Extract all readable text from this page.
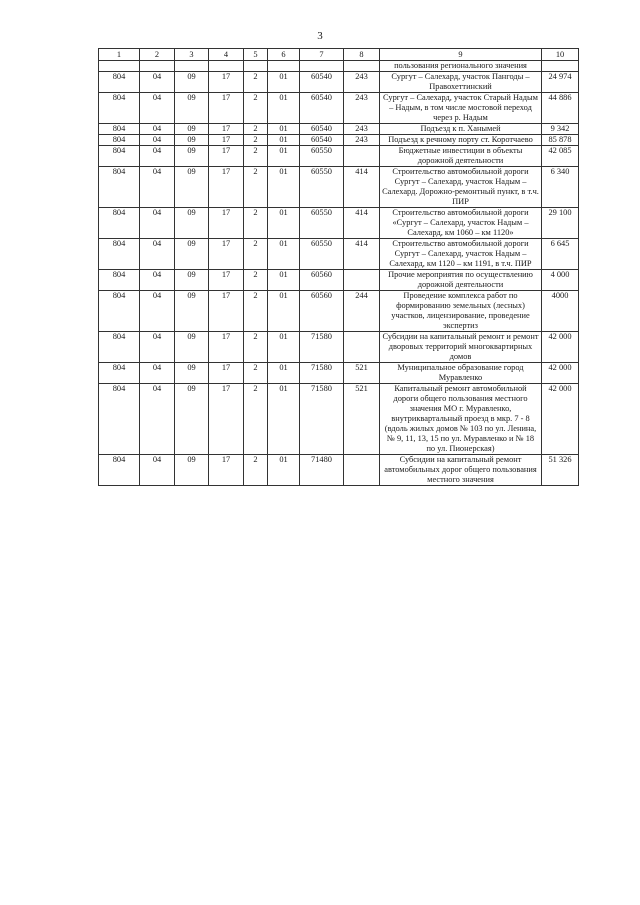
3
1	2	3	4	5	6	7	8	9	10
								пользования регионального значения	
804	04	09	17	2	01	60540	243	Сургут – Салехард, участок Пангоды – Правохеттинский	24 974
804	04	09	17	2	01	60540	243	Сургут – Салехард, участок Старый Надым – Надым, в том числе мостовой переход через р. Надым	44 886
804	04	09	17	2	01	60540	243	Подъезд к п. Ханымей	9 342
804	04	09	17	2	01	60540	243	Подъезд к речному порту ст. Коротчаево	85 878
804	04	09	17	2	01	60550		Бюджетные инвестиции в объекты дорожной деятельности	42 085
804	04	09	17	2	01	60550	414	Строительство автомобильной дороги Сургут – Салехард, участок Надым – Салехард. Дорожно-ремонтный пункт, в т.ч. ПИР	6 340
804	04	09	17	2	01	60550	414	Строительство автомобильной дороги «Сургут – Салехард, участок Надым – Салехард, км 1060 – км 1120»	29 100
804	04	09	17	2	01	60550	414	Строительство автомобильной дороги Сургут – Салехард, участок Надым – Салехард, км 1120 – км 1191, в т.ч. ПИР	6 645
804	04	09	17	2	01	60560		Прочие мероприятия по осуществлению дорожной деятельности	4 000
804	04	09	17	2	01	60560	244	Проведение комплекса работ по формированию земельных (лесных) участков, лицензирование, проведение экспертиз	4000
804	04	09	17	2	01	71580		Субсидии на капитальный ремонт и ремонт дворовых территорий многоквартирных домов	42 000
804	04	09	17	2	01	71580	521	Муниципальное образование город Муравленко	42 000
804	04	09	17	2	01	71580	521	Капитальный ремонт автомобильной дороги общего пользования местного значения МО г. Муравленко, внутриквартальный проезд в мкр. 7 - 8 (вдоль жилых домов № 103 по ул. Ленина, № 9, 11, 13, 15 по ул. Муравленко и № 18 по ул. Пионерская)	42 000
804	04	09	17	2	01	71480		Субсидии на капитальный ремонт автомобильных дорог общего пользования местного значения	51 326
